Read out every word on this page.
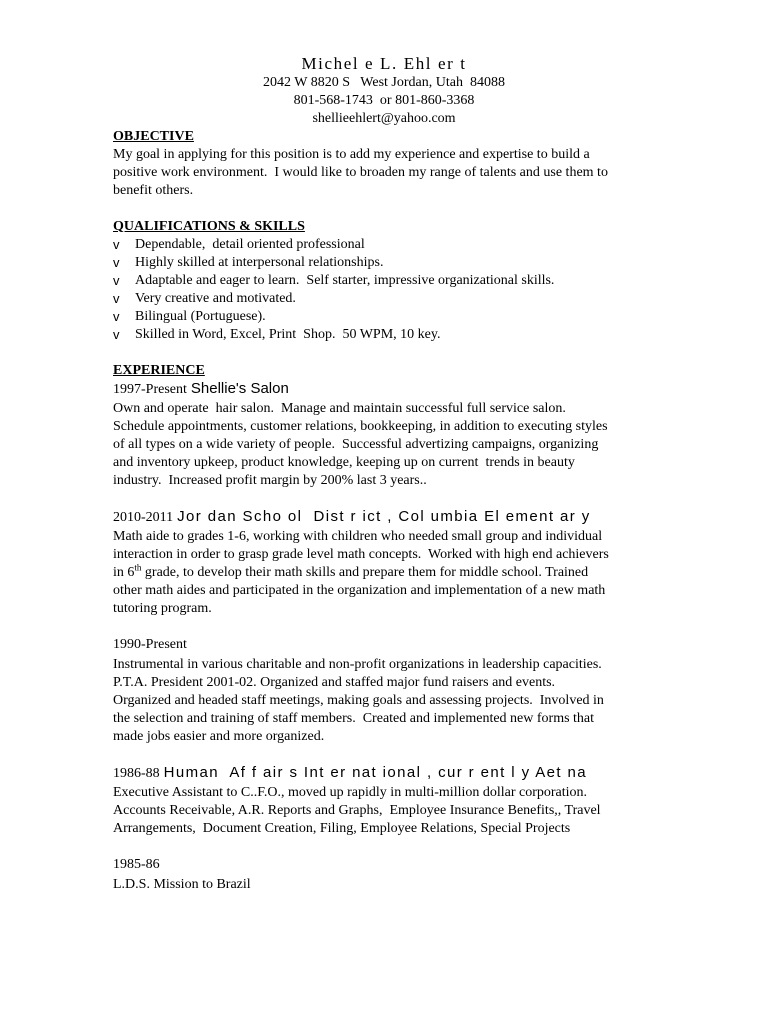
Michel e L. Ehl er t
2042 W 8820 S   West Jordan, Utah  84088
801-568-1743  or 801-860-3368
shellieehlert@yahoo.com
OBJECTIVE
My goal in applying for this position is to add my experience and expertise to build a
positive work environment.  I would like to broaden my range of talents and use them to
benefit others.
QUALIFICATIONS & SKILLS
v	Dependable,  detail oriented professional
v	Highly skilled at interpersonal relationships.
v	Adaptable and eager to learn.  Self starter, impressive organizational skills.
v	Very creative and motivated.
v	Bilingual (Portuguese).
v	Skilled in Word, Excel, Print  Shop.  50 WPM, 10 key.
EXPERIENCE
1997-Present Shellie's Salon
Own and operate  hair salon.  Manage and maintain successful full service salon.
Schedule appointments, customer relations, bookkeeping, in addition to executing styles
of all types on a wide variety of people.  Successful advertizing campaigns, organizing
and inventory upkeep, product knowledge, keeping up on current  trends in beauty
industry.  Increased profit margin by 200% last 3 years..
2010-2011 Jor dan Scho ol  Dist r ict , Col umbia El ement ar y
Math aide to grades 1-6, working with children who needed small group and individual
interaction in order to grasp grade level math concepts.  Worked with high end achievers
in 6th grade, to develop their math skills and prepare them for middle school. Trained
other math aides and participated in the organization and implementation of a new math
tutoring program.
1990-Present
Instrumental in various charitable and non-profit organizations in leadership capacities.
P.T.A. President 2001-02. Organized and staffed major fund raisers and events.
Organized and headed staff meetings, making goals and assessing projects.  Involved in
the selection and training of staff members.  Created and implemented new forms that
made jobs easier and more organized.
1986-88 Human  Af f air s Int er nat ional , cur r ent l y Aet na
Executive Assistant to C..F.O., moved up rapidly in multi-million dollar corporation.
Accounts Receivable, A.R. Reports and Graphs,  Employee Insurance Benefits,, Travel
Arrangements,  Document Creation, Filing, Employee Relations, Special Projects
1985-86
L.D.S. Mission to Brazil
